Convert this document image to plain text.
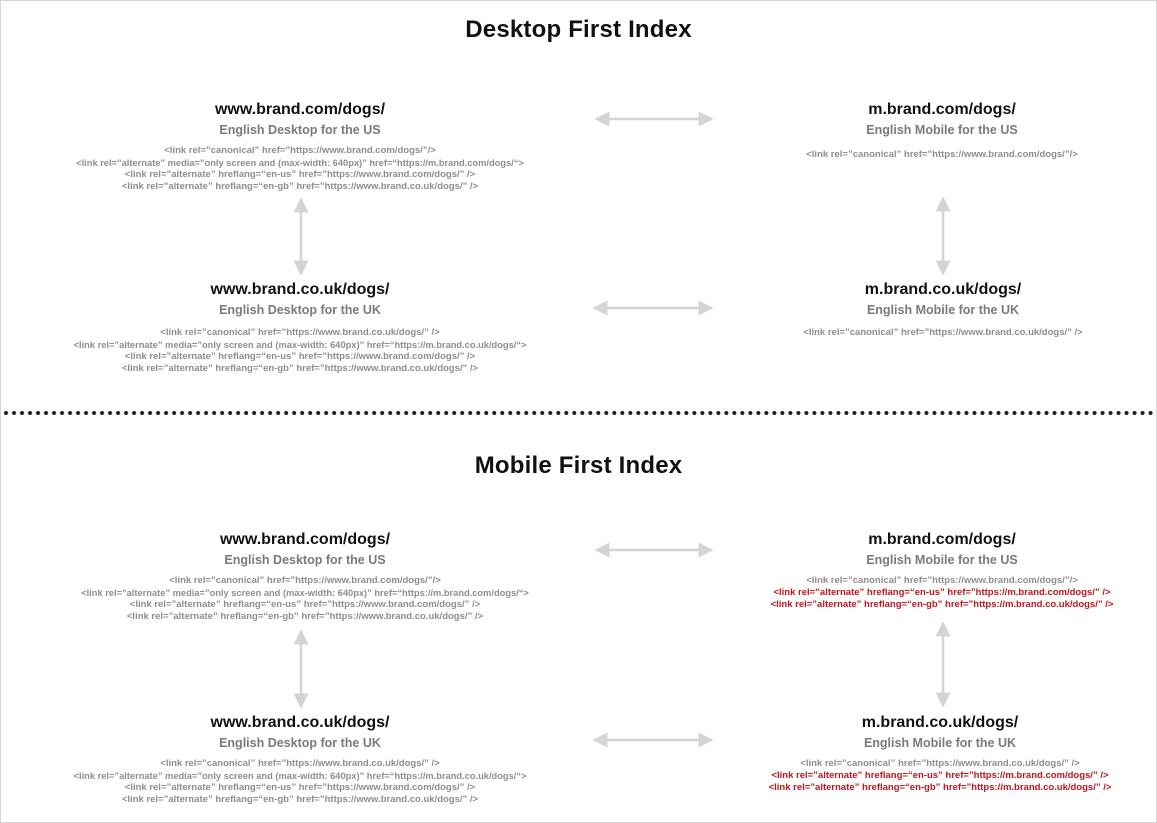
Desktop First Index
www.brand.com/dogs/
English Desktop for the US
<link rel=”canonical” href=”https://www.brand.com/dogs/”/>
<link rel=”alternate” media=”only screen and (max-width: 640px)” href=“https://m.brand.com/dogs/“>
<link rel=”alternate” hreflang=“en-us” href=”https://www.brand.com/dogs/” />
<link rel=”alternate” hreflang=“en-gb” href=”https://www.brand.co.uk/dogs/” />
m.brand.com/dogs/
English Mobile for the US
<link rel=”canonical” href=”https://www.brand.com/dogs/”/>
www.brand.co.uk/dogs/
English Desktop for the UK
<link rel=”canonical” href=”https://www.brand.co.uk/dogs/” />
<link rel=”alternate” media=”only screen and (max-width: 640px)” href=“https://m.brand.co.uk/dogs/“>
<link rel=”alternate” hreflang=“en-us” href=”https://www.brand.com/dogs/” />
<link rel=”alternate” hreflang=“en-gb” href=”https://www.brand.co.uk/dogs/” />
m.brand.co.uk/dogs/
English Mobile for the UK
<link rel=”canonical” href=”https://www.brand.co.uk/dogs/” />
Mobile First Index
www.brand.com/dogs/
English Desktop for the US
<link rel=”canonical” href=”https://www.brand.com/dogs/”/>
<link rel=”alternate” media=”only screen and (max-width: 640px)” href=“https://m.brand.com/dogs/“>
<link rel=”alternate” hreflang=“en-us” href=”https://www.brand.com/dogs/” />
<link rel=”alternate” hreflang=“en-gb” href=”https://www.brand.co.uk/dogs/” />
m.brand.com/dogs/
English Mobile for the US
<link rel=”canonical” href=”https://www.brand.com/dogs/”/>
<link rel=”alternate” hreflang=“en-us” href=”https://m.brand.com/dogs/” />
<link rel=”alternate” hreflang=“en-gb” href=”https://m.brand.co.uk/dogs/” />
www.brand.co.uk/dogs/
English Desktop for the UK
<link rel=”canonical” href=”https://www.brand.co.uk/dogs/” />
<link rel=”alternate” media=”only screen and (max-width: 640px)” href=“https://m.brand.co.uk/dogs/“>
<link rel=”alternate” hreflang=“en-us” href=”https://www.brand.com/dogs/” />
<link rel=”alternate” hreflang=“en-gb” href=”https://www.brand.co.uk/dogs/” />
m.brand.co.uk/dogs/
English Mobile for the UK
<link rel=”canonical” href=”https://www.brand.co.uk/dogs/” />
<link rel=”alternate” hreflang=“en-us” href=”https://m.brand.com/dogs/” />
<link rel=”alternate” hreflang=“en-gb” href=”https://m.brand.co.uk/dogs/” />
